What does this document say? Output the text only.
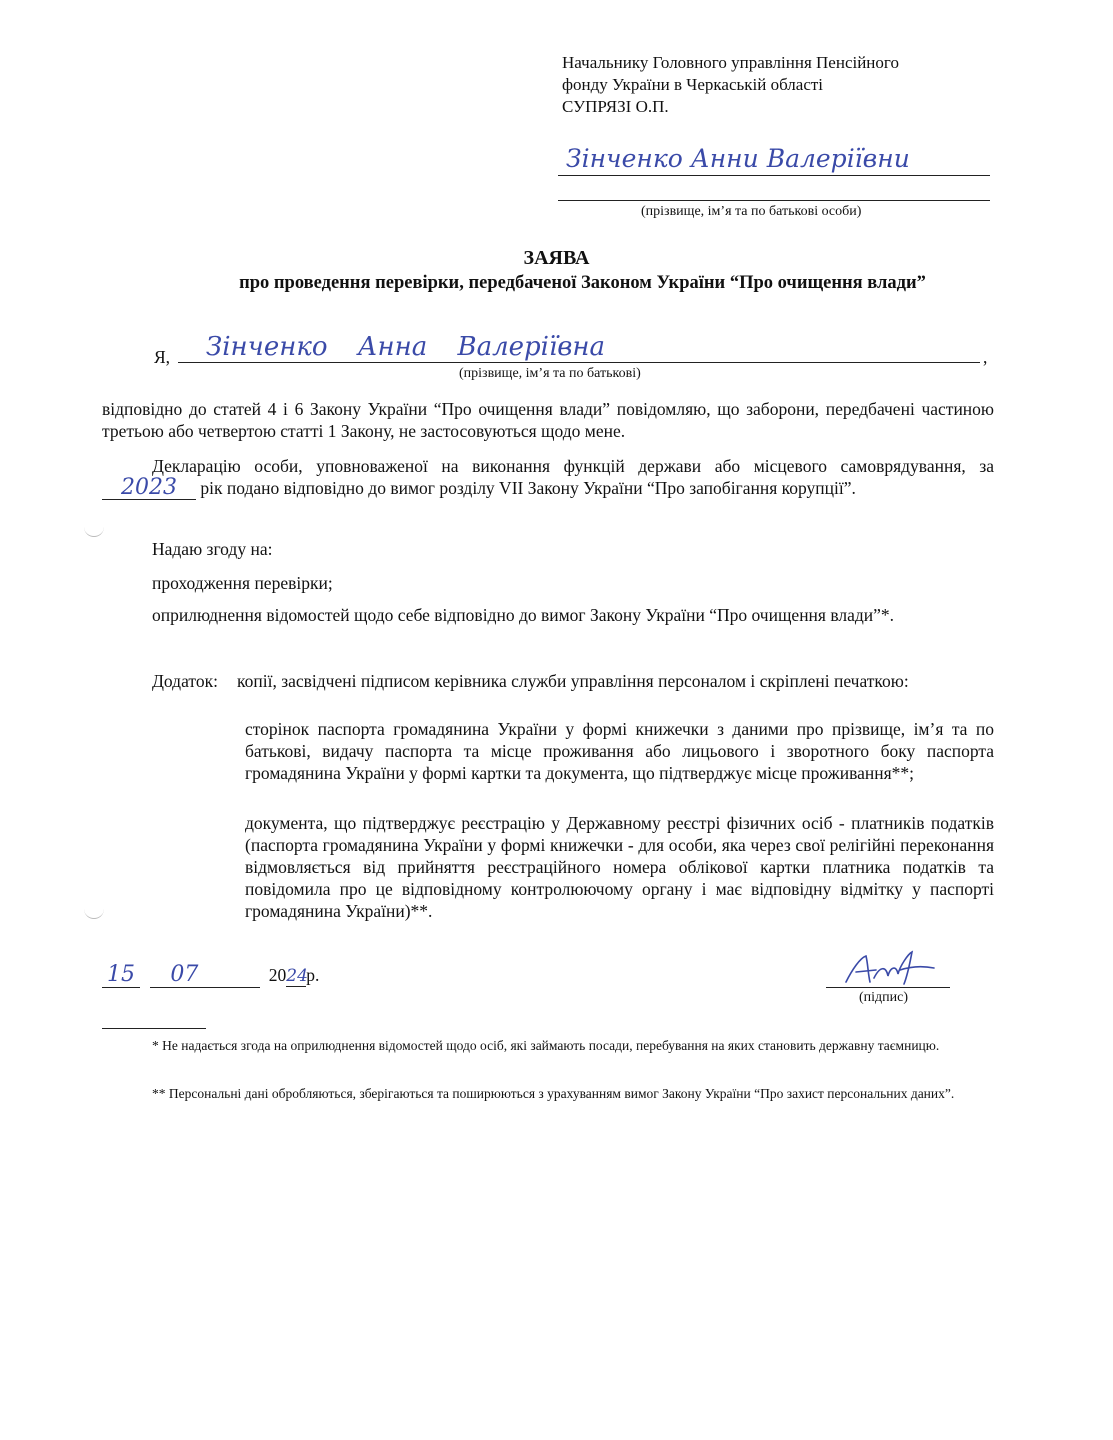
Начальнику Головного управління Пенсійного
фонду України в Черкаській області
СУПРЯЗІ О.П.
Зінченко Анни Валеріївни
(прізвище, ім’я та по батькові особи)
ЗАЯВА
про проведення перевірки, передбаченої Законом України “Про очищення влади”
Я, Зінченко Анна Валеріївна	,
(прізвище, ім’я та по батькові)
відповідно до статей 4 і 6 Закону України “Про очищення влади” повідомляю, що заборони, передбачені частиною третьою або четвертою статті 1 Закону, не застосовуються щодо мене.
Декларацію особи, уповноваженої на виконання функцій держави або місцевого самоврядування, за 2023 рік подано відповідно до вимог розділу VII Закону України “Про запобігання корупції”.
Надаю згоду на:
проходження перевірки;
оприлюднення відомостей щодо себе відповідно до вимог Закону України “Про очищення влади”*.
Додаток: копії, засвідчені підписом керівника служби управління персоналом і скріплені печаткою:
сторінок паспорта громадянина України у формі книжечки з даними про прізвище, ім’я та по батькові, видачу паспорта та місце проживання або лицьового і зворотного боку паспорта громадянина України у формі картки та документа, що підтверджує місце проживання**;
документа, що підтверджує реєстрацію у Державному реєстрі фізичних осіб - платників податків (паспорта громадянина України у формі книжечки - для особи, яка через свої релігійні переконання відмовляється від прийняття реєстраційного номера облікової картки платника податків та повідомила про це відповідному контролюючому органу і має відповідну відмітку у паспорті громадянина України)**.
15 07	2024р.
(підпис)
* Не надається згода на оприлюднення відомостей щодо осіб, які займають посади, перебування на яких становить державну таємницю.
** Персональні дані обробляються, зберігаються та поширюються з урахуванням вимог Закону України “Про захист персональних даних”.
